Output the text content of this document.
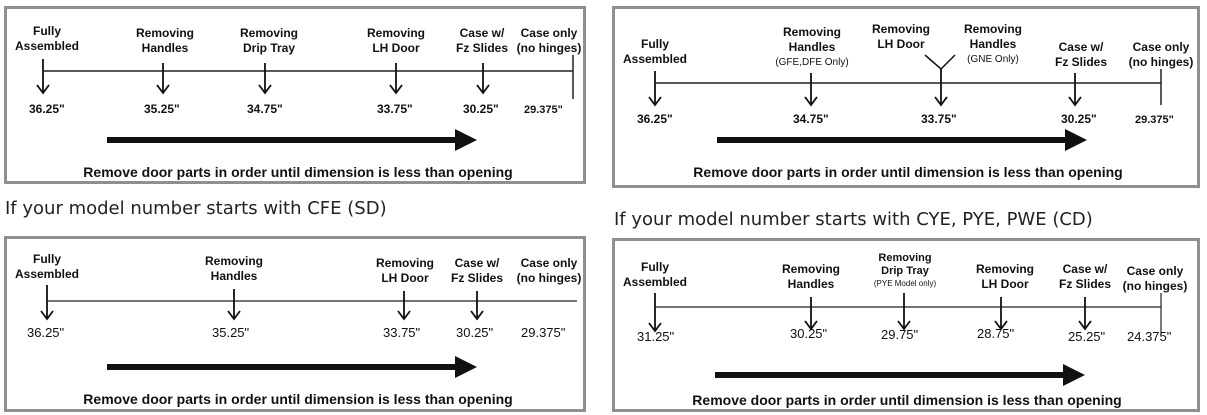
Fully
Assembled
Removing
Handles
Removing
Drip Tray
Removing
LH Door
Case w/
Fz Slides
Case only
(no hinges)
36.25"	35.25"	34.75"	33.75"	30.25" 29.375"
Remove door parts in order until dimension is less than opening
Fully
Assembled
Removing
Handles
(GFE,DFE Only)
Removing
LH Door
Removing
Handles
(GNE Only)
Case w/
Fz Slides
Case only
(no hinges)
36.25"	34.75"	33.75"	30.25"	29.375"
Remove door parts in order until dimension is less than opening
If your model number starts with CFE (SD)
If your model number starts with CYE, PYE, PWE (CD)
Fully
Assembled
Removing
Handles
Removing
LH Door
Case w/
Fz Slides
Case only
(no hinges)
36.25"	35.25"	33.75"	30.25" 29.375"
Remove door parts in order until dimension is less than opening
Fully
Assembled
Removing
Handles
Removing
Drip Tray
(PYE Model only)
Removing
LH Door
Case w/
Fz Slides
Case only
(no hinges)
31.25"	30.25"	29.75"	28.75"	25.25" 24.375"
Remove door parts in order until dimension is less than opening
